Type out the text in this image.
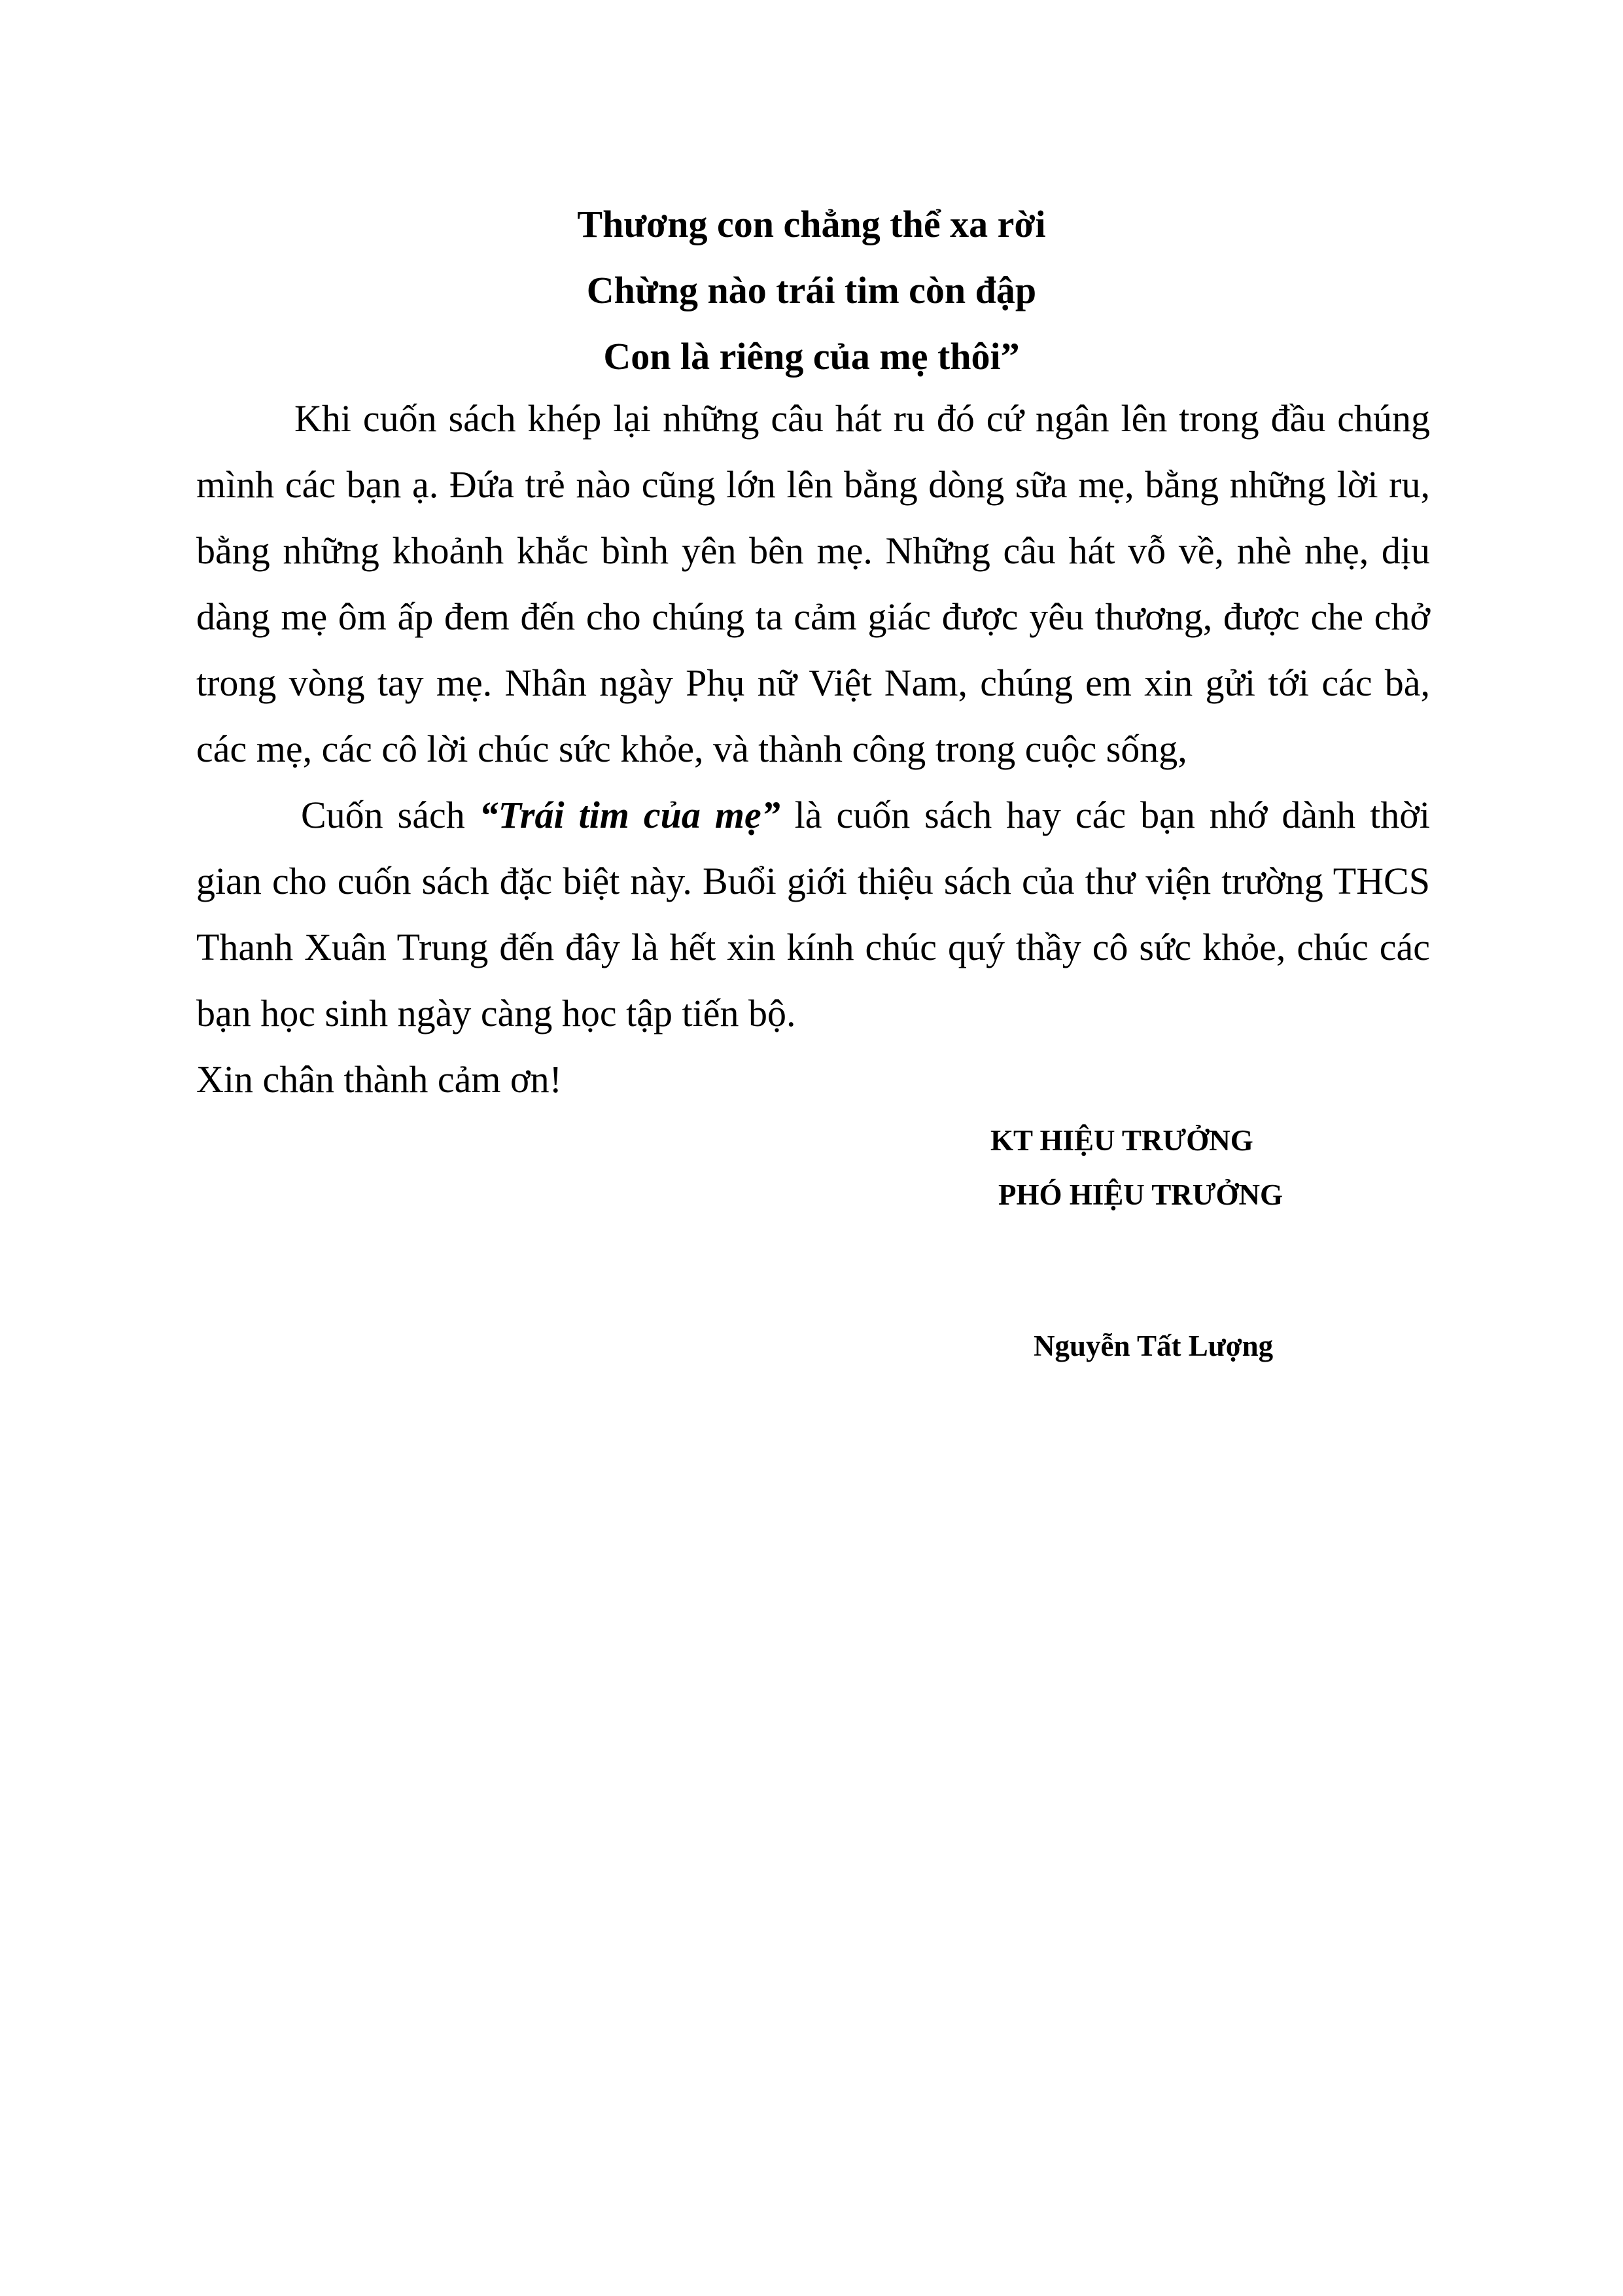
Thương con chẳng thể xa rời
Chừng nào trái tim còn đập
Con là riêng của mẹ thôi”

Khi cuốn sách khép lại những câu hát ru đó cứ ngân lên trong đầu chúng mình các bạn ạ. Đứa trẻ nào cũng lớn lên bằng dòng sữa mẹ, bằng những lời ru, bằng những khoảnh khắc bình yên bên mẹ. Những câu hát vỗ về, nhè nhẹ, dịu dàng mẹ ôm ấp đem đến cho chúng ta cảm giác được yêu thương, được che chở trong vòng tay mẹ. Nhân ngày Phụ nữ Việt Nam, chúng em xin gửi tới các bà, các mẹ, các cô lời chúc sức khỏe, và thành công trong cuộc sống,

Cuốn sách “Trái tim của mẹ” là cuốn sách hay các bạn nhớ dành thời gian cho cuốn sách đặc biệt này. Buổi giới thiệu sách của thư viện trường THCS Thanh Xuân Trung đến đây là hết xin kính chúc quý thầy cô sức khỏe, chúc các bạn học sinh ngày càng học tập tiến bộ.

Xin chân thành cảm ơn!

KT HIỆU TRƯỞNG
PHÓ HIỆU TRƯỞNG
Nguyễn Tất Lượng
